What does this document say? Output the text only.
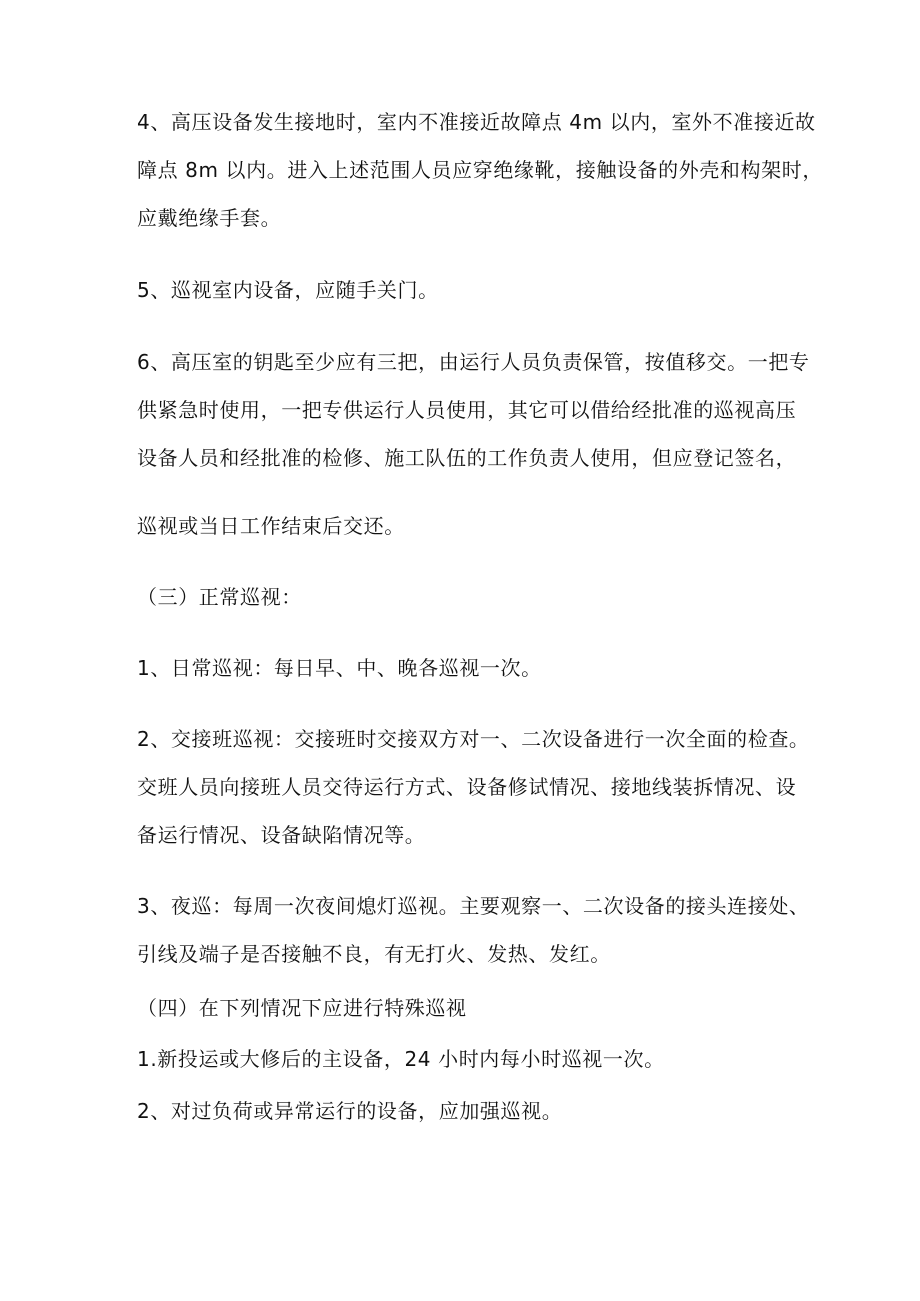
4、高压设备发生接地时，室内不准接近故障点 4m 以内，室外不准接近故
障点 8m 以内。进入上述范围人员应穿绝缘靴，接触设备的外壳和构架时，
应戴绝缘手套。
5、巡视室内设备，应随手关门。
6、高压室的钥匙至少应有三把，由运行人员负责保管，按值移交。一把专
供紧急时使用，一把专供运行人员使用，其它可以借给经批准的巡视高压
设备人员和经批准的检修、施工队伍的工作负责人使用，但应登记签名，
巡视或当日工作结束后交还。
（三）正常巡视：
1、日常巡视：每日早、中、晚各巡视一次。
2、交接班巡视：交接班时交接双方对一、二次设备进行一次全面的检查。
交班人员向接班人员交待运行方式、设备修试情况、接地线装拆情况、设
备运行情况、设备缺陷情况等。
3、夜巡：每周一次夜间熄灯巡视。主要观察一、二次设备的接头连接处、
引线及端子是否接触不良，有无打火、发热、发红。
（四）在下列情况下应进行特殊巡视
1.新投运或大修后的主设备，24 小时内每小时巡视一次。
2、对过负荷或异常运行的设备，应加强巡视。
